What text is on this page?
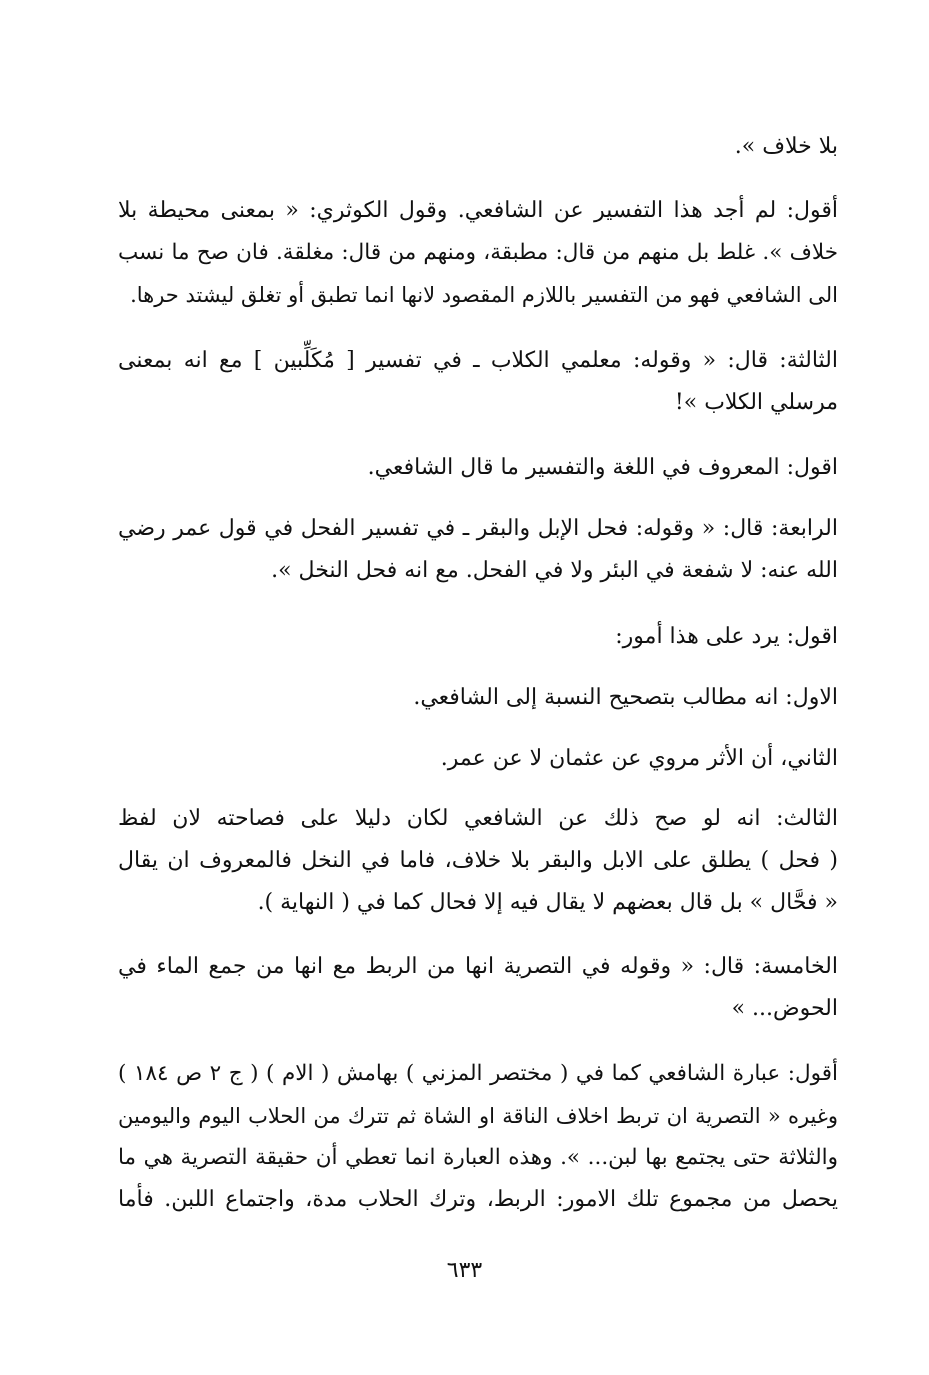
بلا خلاف ».‏
أقول: لم أجد هذا التفسير عن الشافعي. وقول الكوثري: « بمعنى محيطة بلا
خلاف ». غلط بل منهم من قال: مطبقة، ومنهم من قال: مغلقة. فان صح ما نسب
الى الشافعي فهو من التفسير باللازم المقصود لانها انما تطبق أو تغلق ليشتد حرها.
الثالثة: قال: « وقوله: معلمي الكلاب ـ في تفسير [ مُكَلِّبين ] مع انه بمعنى
مرسلي الكلاب »!
اقول: المعروف في اللغة والتفسير ما قال الشافعي.
الرابعة: قال: « وقوله: فحل الإبل والبقر ـ في تفسير الفحل في قول عمر رضي
الله عنه: لا شفعة في البئر ولا في الفحل. مع انه فحل النخل ».
اقول: يرد على هذا أمور:
الاول: انه مطالب بتصحيح النسبة إلى الشافعي.
الثاني، أن الأثر مروي عن عثمان لا عن عمر.
الثالث: انه لو صح ذلك عن الشافعي لكان دليلا على فصاحته لان لفظ
( فحل ) يطلق على الابل والبقر بلا خلاف، فاما في النخل فالمعروف ان يقال
« فحَّال » بل قال بعضهم لا يقال فيه إلا فحال كما في ( النهاية ).
الخامسة: قال: « وقوله في التصرية انها من الربط مع انها من جمع الماء في
الحوض... »
أقول: عبارة الشافعي كما في ( مختصر المزني ) بهامش ( الام ) ( ج ٢ ص ١٨٤ )
وغيره « التصرية ان تربط اخلاف الناقة او الشاة ثم تترك من الحلاب اليوم واليومين
والثلاثة حتى يجتمع بها لبن... ». وهذه العبارة انما تعطي أن حقيقة التصرية هي ما
يحصل من مجموع تلك الامور: الربط، وترك الحلاب مدة، واجتماع اللبن. فأما
٦٣٣
